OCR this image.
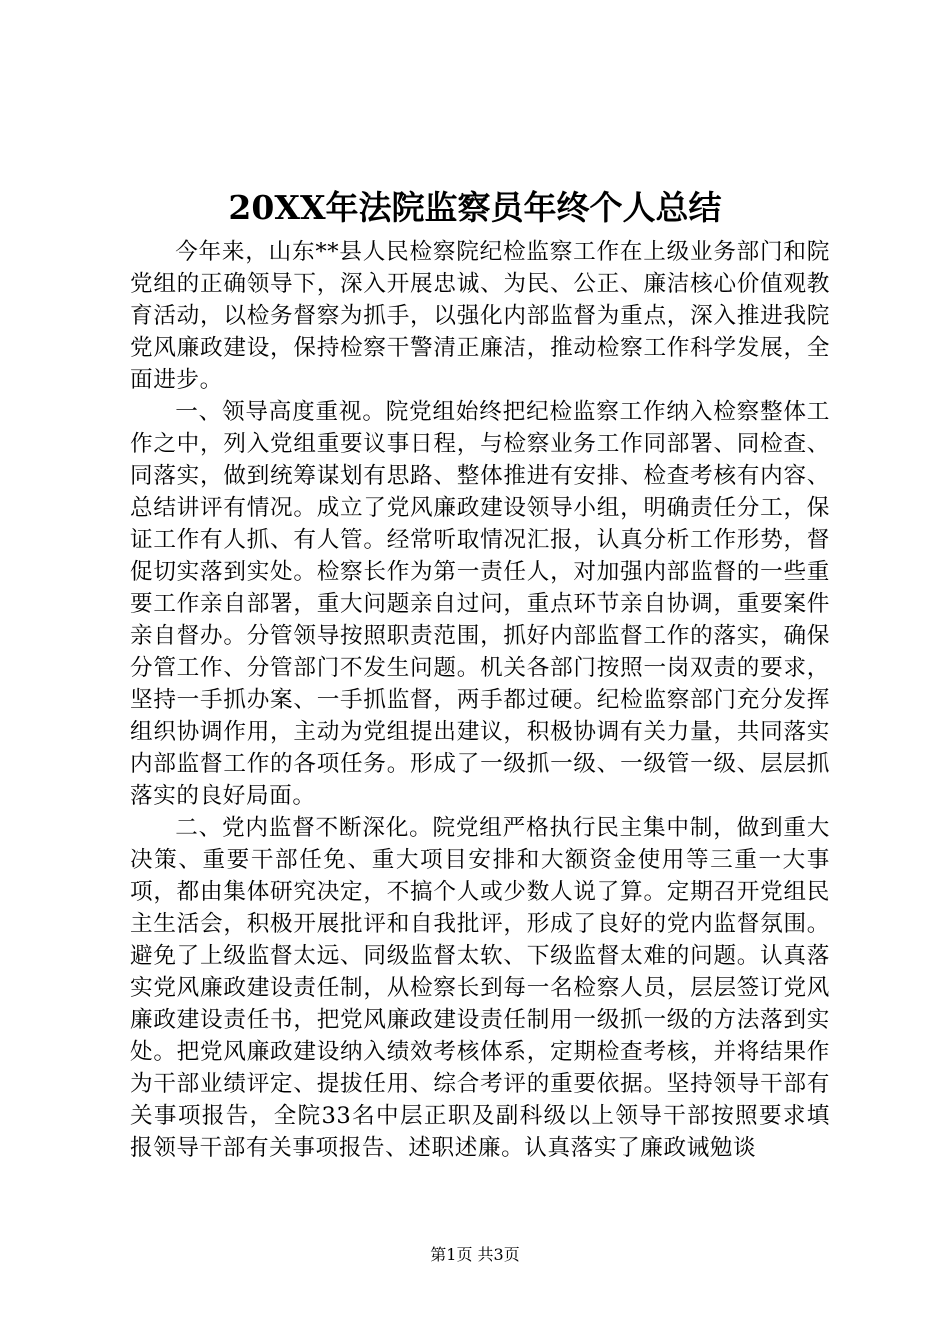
20XX年法院监察员年终个人总结

今年来，山东**县人民检察院纪检监察工作在上级业务部门和院党组的正确领导下，深入开展忠诚、为民、公正、廉洁核心价值观教育活动，以检务督察为抓手，以强化内部监督为重点，深入推进我院党风廉政建设，保持检察干警清正廉洁，推动检察工作科学发展，全面进步。

一、领导高度重视。院党组始终把纪检监察工作纳入检察整体工作之中，列入党组重要议事日程，与检察业务工作同部署、同检查、同落实，做到统筹谋划有思路、整体推进有安排、检查考核有内容、总结讲评有情况。成立了党风廉政建设领导小组，明确责任分工，保证工作有人抓、有人管。经常听取情况汇报，认真分析工作形势，督促切实落到实处。检察长作为第一责任人，对加强内部监督的一些重要工作亲自部署，重大问题亲自过问，重点环节亲自协调，重要案件亲自督办。分管领导按照职责范围，抓好内部监督工作的落实，确保分管工作、分管部门不发生问题。机关各部门按照一岗双责的要求，坚持一手抓办案、一手抓监督，两手都过硬。纪检监察部门充分发挥组织协调作用，主动为党组提出建议，积极协调有关力量，共同落实内部监督工作的各项任务。形成了一级抓一级、一级管一级、层层抓落实的良好局面。

二、党内监督不断深化。院党组严格执行民主集中制，做到重大决策、重要干部任免、重大项目安排和大额资金使用等三重一大事项，都由集体研究决定，不搞个人或少数人说了算。定期召开党组民主生活会，积极开展批评和自我批评，形成了良好的党内监督氛围。避免了上级监督太远、同级监督太软、下级监督太难的问题。认真落实党风廉政建设责任制，从检察长到每一名检察人员，层层签订党风廉政建设责任书，把党风廉政建设责任制用一级抓一级的方法落到实处。把党风廉政建设纳入绩效考核体系，定期检查考核，并将结果作为干部业绩评定、提拔任用、综合考评的重要依据。坚持领导干部有关事项报告，全院33名中层正职及副科级以上领导干部按照要求填报领导干部有关事项报告、述职述廉。认真落实了廉政诫勉谈

第1页 共3页
